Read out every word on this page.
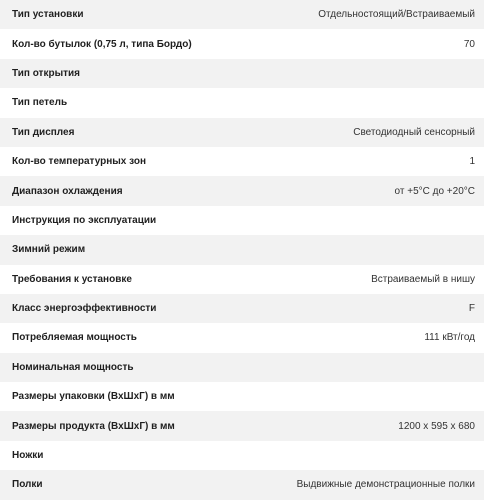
Тип установки	Отдельностоящий/Встраиваемый
Кол-во бутылок (0,75 л, типа Бордо)	70
Тип открытия	
Тип петель	
Тип дисплея	Светодиодный сенсорный
Кол-во температурных зон	1
Диапазон охлаждения	от +5°C до +20°C
Инструкция по эксплуатации	
Зимний режим	
Требования к установке	Встраиваемый в нишу
Класс энергоэффективности	F
Потребляемая мощность	111 кВт/год
Номинальная мощность	
Размеры упаковки (ВхШхГ) в мм	
Размеры продукта (ВхШхГ) в мм	1200 x 595 x 680
Ножки	
Полки	Выдвижные демонстрационные полки
